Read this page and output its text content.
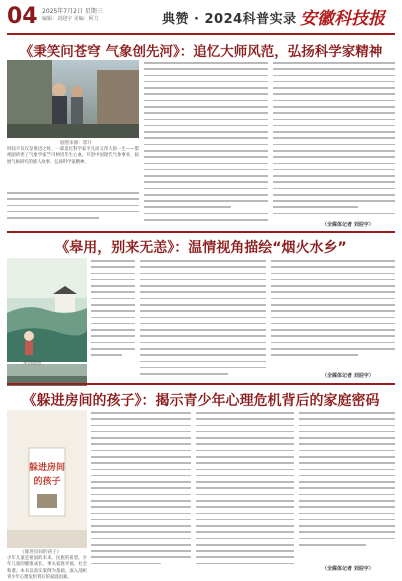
04 2025年7月2日 星期三
编辑：刘迎宇 美编：阿力	典赞 · 2024科普实录 安徽科技报
《秉笑问苍穹 气象创先河》：追忆大师风范，弘扬科学家精神
剧照来源：影片
时间不仅仅是鲁迅之时，一部追忆科学家平凡而又伟大的一生——影视剧讲述了气象学家竺可桢用毕生心血，开创中国现代气象事业、拓展气候研究的感人故事，弘扬科学家精神。
（全媒体记者 刘迎宇）
《皋用，别来无恙》：温情视角描绘“烟火水乡”
皋用剧照
（全媒体记者 刘迎宇）
《躲进房间的孩子》：揭示青少年心理危机背后的家庭密码
躲进房间
的孩子
《躲进房间的孩子》
少年儿童是祖国的未来，民族的希望。少年儿童的健康成长，事关家庭幸福、社会和谐。本书以真实案例为基础，深入剖析青少年心理危机背后的家庭因素。
（全媒体记者 刘迎宇）
